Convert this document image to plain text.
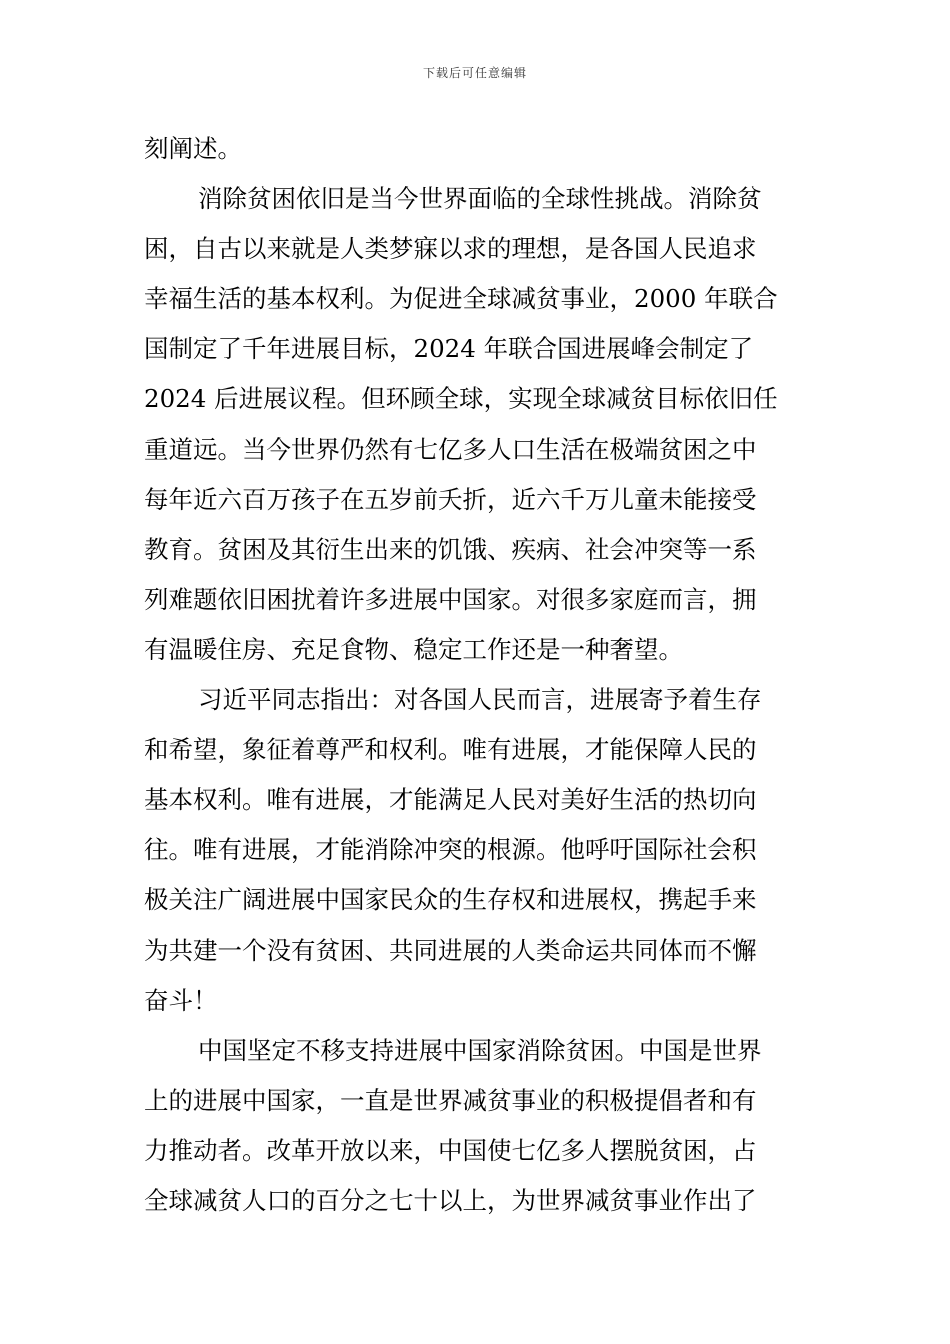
下载后可任意编辑
刻阐述。
消除贫困依旧是当今世界面临的全球性挑战。消除贫
困，自古以来就是人类梦寐以求的理想，是各国人民追求
幸福生活的基本权利。为促进全球减贫事业，2000 年联合
国制定了千年进展目标，2024 年联合国进展峰会制定了
2024 后进展议程。但环顾全球，实现全球减贫目标依旧任
重道远。当今世界仍然有七亿多人口生活在极端贫困之中
每年近六百万孩子在五岁前夭折，近六千万儿童未能接受
教育。贫困及其衍生出来的饥饿、疾病、社会冲突等一系
列难题依旧困扰着许多进展中国家。对很多家庭而言，拥
有温暖住房、充足食物、稳定工作还是一种奢望。
习近平同志指出：对各国人民而言，进展寄予着生存
和希望，象征着尊严和权利。唯有进展，才能保障人民的
基本权利。唯有进展，才能满足人民对美好生活的热切向
往。唯有进展，才能消除冲突的根源。他呼吁国际社会积
极关注广阔进展中国家民众的生存权和进展权，携起手来
为共建一个没有贫困、共同进展的人类命运共同体而不懈
奋斗！
中国坚定不移支持进展中国家消除贫困。中国是世界
上的进展中国家，一直是世界减贫事业的积极提倡者和有
力推动者。改革开放以来，中国使七亿多人摆脱贫困，占
全球减贫人口的百分之七十以上，为世界减贫事业作出了
